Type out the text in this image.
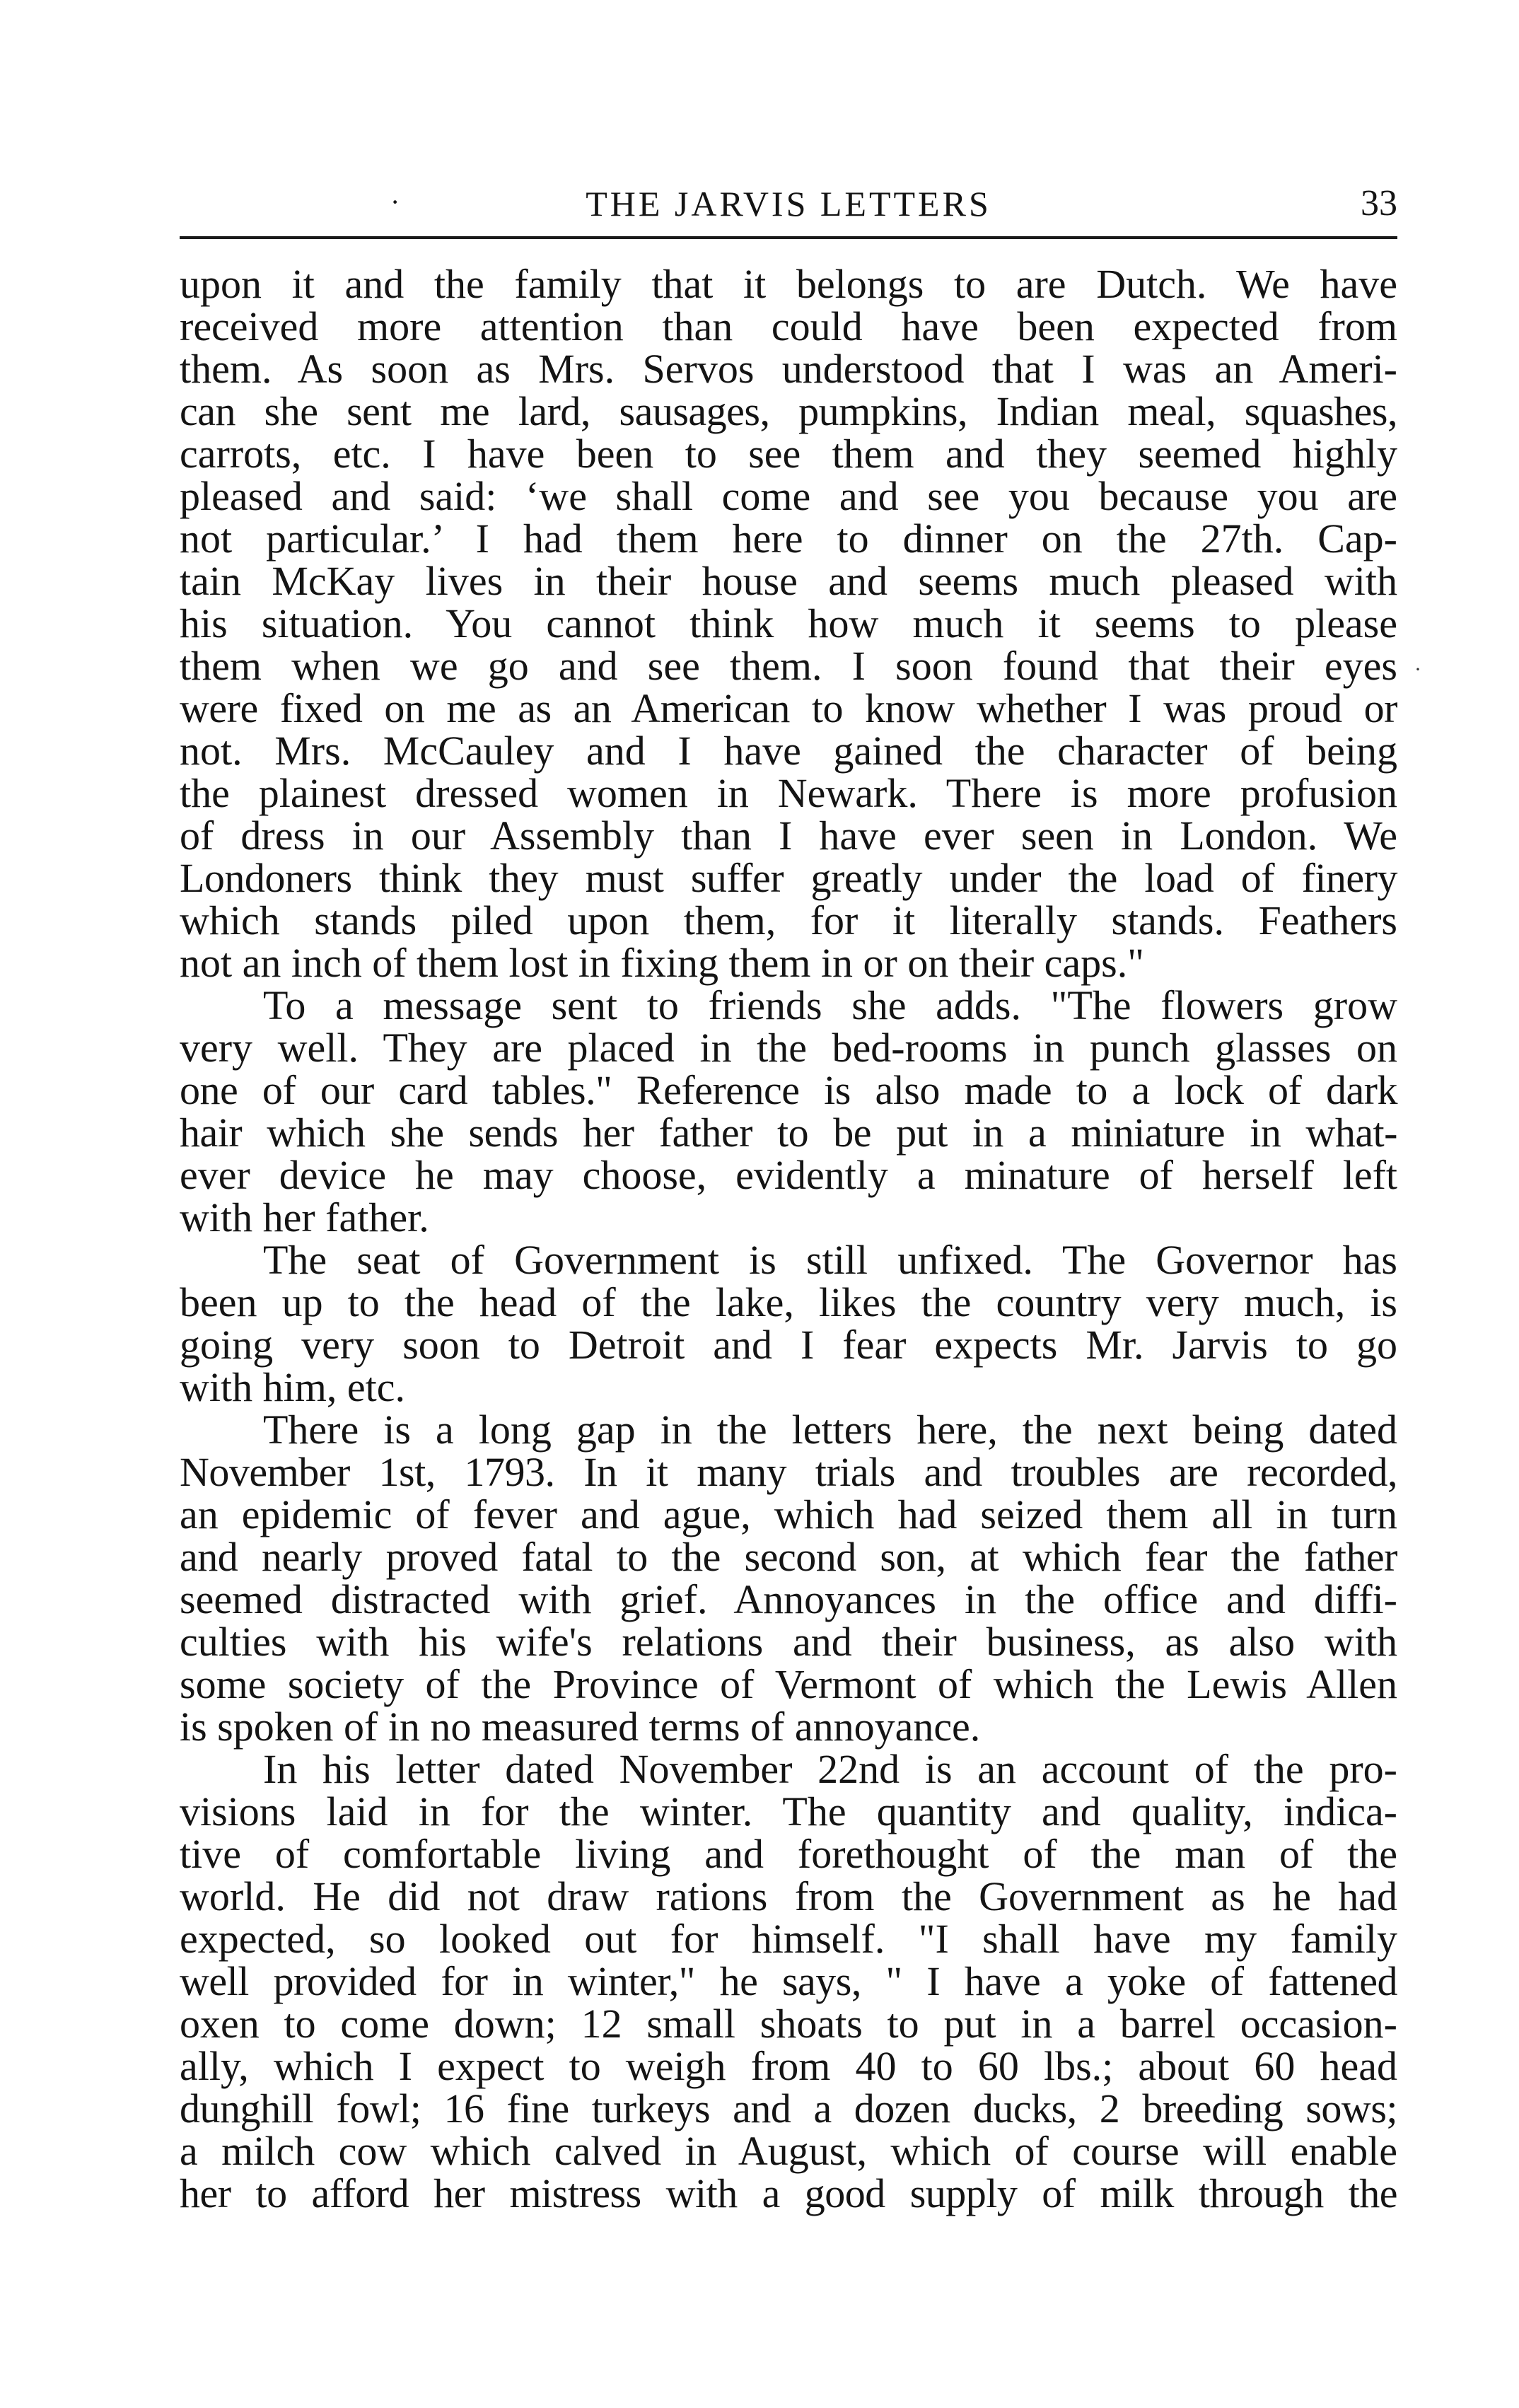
·	THE JARVIS LETTERS	33
·
upon it and the family that it belongs to are Dutch. We have
received more attention than could have been expected from
them. As soon as Mrs. Servos understood that I was an Ameri-
can she sent me lard, sausages, pumpkins, Indian meal, squashes,
carrots, etc. I have been to see them and they seemed highly
pleased and said: ‘we shall come and see you because you are
not particular.’ I had them here to dinner on the 27th. Cap-
tain McKay lives in their house and seems much pleased with
his situation. You cannot think how much it seems to please
them when we go and see them. I soon found that their eyes
were fixed on me as an American to know whether I was proud or
not. Mrs. McCauley and I have gained the character of being
the plainest dressed women in Newark. There is more profusion
of dress in our Assembly than I have ever seen in London. We
Londoners think they must suffer greatly under the load of finery
which stands piled upon them, for it literally stands. Feathers
not an inch of them lost in fixing them in or on their caps."
To a message sent to friends she adds. "The flowers grow
very well. They are placed in the bed-rooms in punch glasses on
one of our card tables." Reference is also made to a lock of dark
hair which she sends her father to be put in a miniature in what-
ever device he may choose, evidently a minature of herself left
with her father.
The seat of Government is still unfixed. The Governor has
been up to the head of the lake, likes the country very much, is
going very soon to Detroit and I fear expects Mr. Jarvis to go
with him, etc.
There is a long gap in the letters here, the next being dated
November 1st, 1793. In it many trials and troubles are recorded,
an epidemic of fever and ague, which had seized them all in turn
and nearly proved fatal to the second son, at which fear the father
seemed distracted with grief. Annoyances in the office and diffi-
culties with his wife's relations and their business, as also with
some society of the Province of Vermont of which the Lewis Allen
is spoken of in no measured terms of annoyance.
In his letter dated November 22nd is an account of the pro-
visions laid in for the winter. The quantity and quality, indica-
tive of comfortable living and forethought of the man of the
world. He did not draw rations from the Government as he had
expected, so looked out for himself. "I shall have my family
well provided for in winter," he says, " I have a yoke of fattened
oxen to come down; 12 small shoats to put in a barrel occasion-
ally, which I expect to weigh from 40 to 60 lbs.; about 60 head
dunghill fowl; 16 fine turkeys and a dozen ducks, 2 breeding sows;
a milch cow which calved in August, which of course will enable
her to afford her mistress with a good supply of milk through the
